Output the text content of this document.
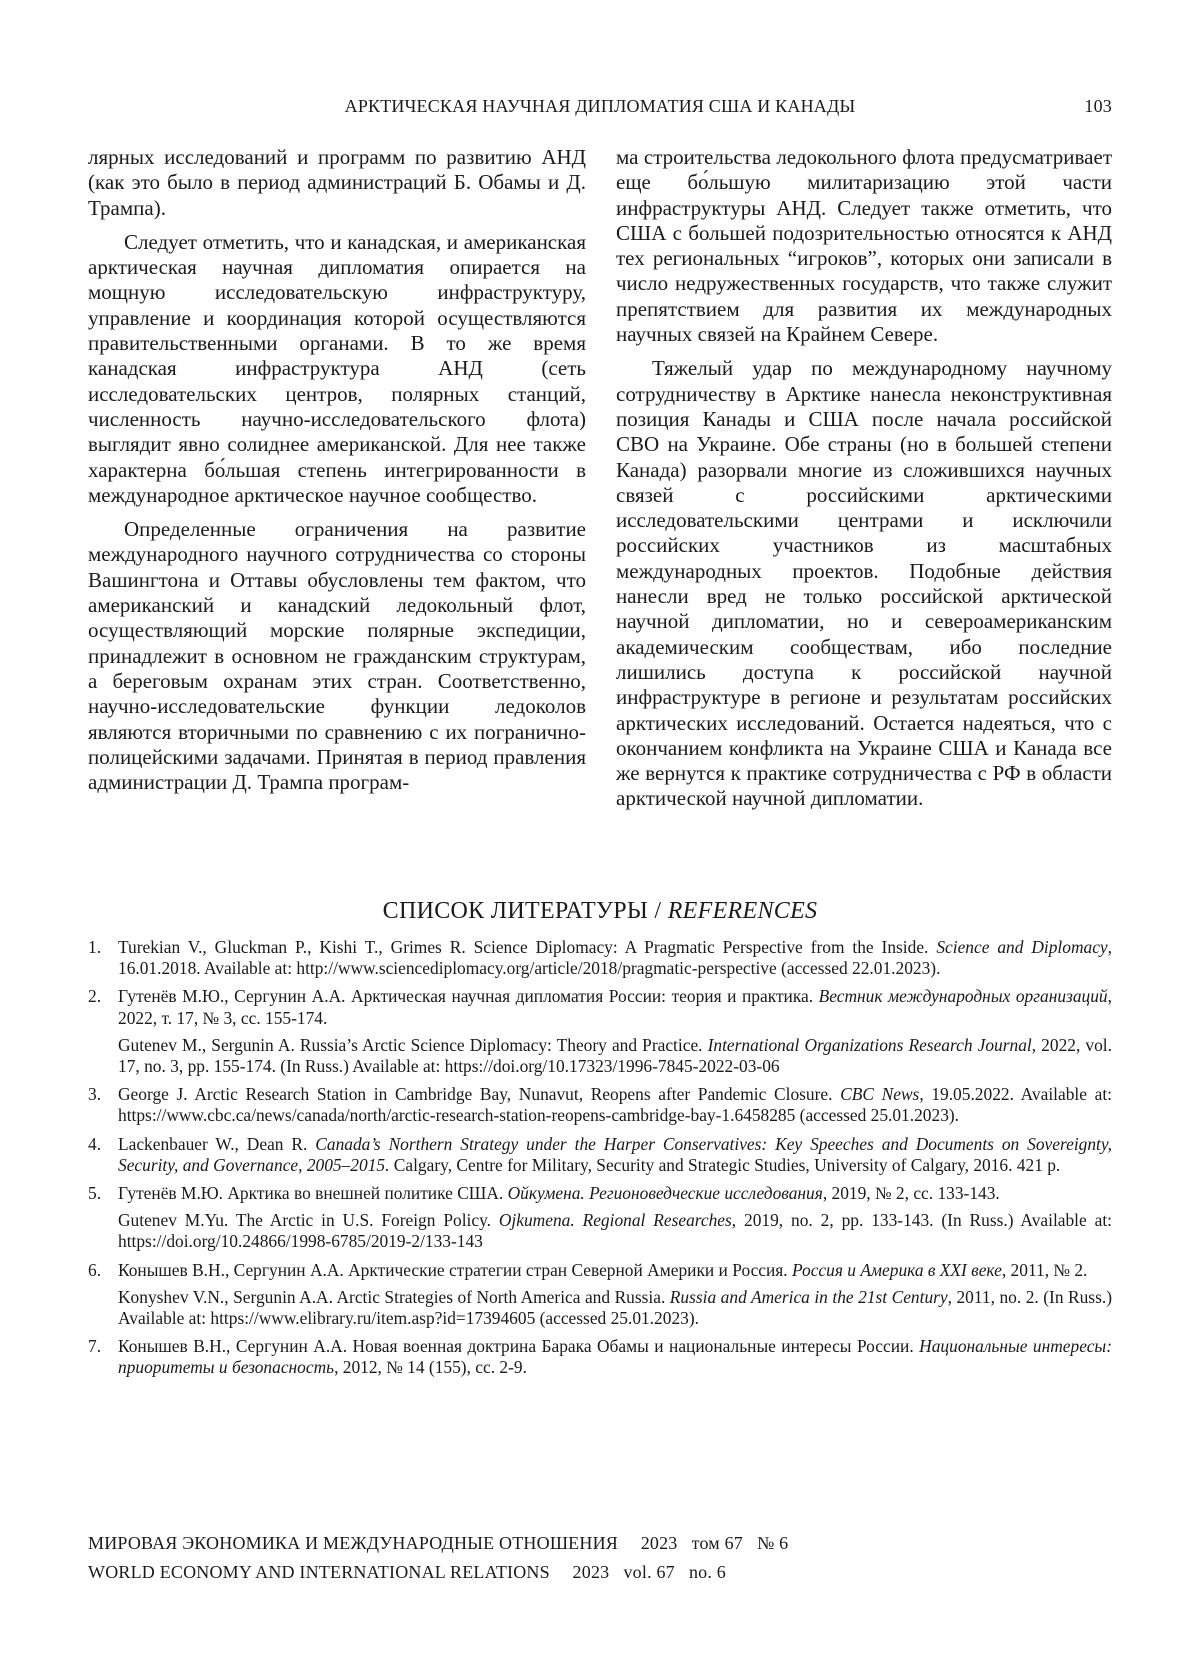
АРКТИЧЕСКАЯ НАУЧНАЯ ДИПЛОМАТИЯ США И КАНАДЫ	103

лярных исследований и программ по развитию АНД (как это было в период администраций Б. Обамы и Д. Трампа).

Следует отметить, что и канадская, и американская арктическая научная дипломатия опирается на мощную исследовательскую инфраструктуру, управление и координация которой осуществляются правительственными органами. В то же время канадская инфраструктура АНД (сеть исследовательских центров, полярных станций, численность научно-исследовательского флота) выглядит явно солиднее американской. Для нее также характерна бо́льшая степень интегрированности в международное арктическое научное сообщество.

Определенные ограничения на развитие международного научного сотрудничества со стороны Вашингтона и Оттавы обусловлены тем фактом, что американский и канадский ледокольный флот, осуществляющий морские полярные экспедиции, принадлежит в основном не гражданским структурам, а береговым охранам этих стран. Соответственно, научно-исследовательские функции ледоколов являются вторичными по сравнению с их погранично-полицейскими задачами. Принятая в период правления администрации Д. Трампа програм-

ма строительства ледокольного флота предусматривает еще бо́льшую милитаризацию этой части инфраструктуры АНД. Следует также отметить, что США с большей подозрительностью относятся к АНД тех региональных “игроков”, которых они записали в число недружественных государств, что также служит препятствием для развития их международных научных связей на Крайнем Севере.

Тяжелый удар по международному научному сотрудничеству в Арктике нанесла неконструктивная позиция Канады и США после начала российской СВО на Украине. Обе страны (но в большей степени Канада) разорвали многие из сложившихся научных связей с российскими арктическими исследовательскими центрами и исключили российских участников из масштабных международных проектов. Подобные действия нанесли вред не только российской арктической научной дипломатии, но и североамериканским академическим сообществам, ибо последние лишились доступа к российской научной инфраструктуре в регионе и результатам российских арктических исследований. Остается надеяться, что с окончанием конфликта на Украине США и Канада все же вернутся к практике сотрудничества с РФ в области арктической научной дипломатии.

СПИСОК ЛИТЕРАТУРЫ / REFERENCES
1. Turekian V., Gluckman P., Kishi T., Grimes R. Science Diplomacy: A Pragmatic Perspective from the Inside. Science and Diplomacy, 16.01.2018. Available at: http://www.sciencediplomacy.org/article/2018/pragmatic-perspective (accessed 22.01.2023).
2. Гутенёв М.Ю., Сергунин А.А. Арктическая научная дипломатия России: теория и практика. Вестник международных организаций, 2022, т. 17, № 3, сс. 155-174.
Gutenev M., Sergunin A. Russia’s Arctic Science Diplomacy: Theory and Practice. International Organizations Research Journal, 2022, vol. 17, no. 3, pp. 155-174. (In Russ.) Available at: https://doi.org/10.17323/1996-7845-2022-03-06
3. George J. Arctic Research Station in Cambridge Bay, Nunavut, Reopens after Pandemic Closure. CBC News, 19.05.2022. Available at: https://www.cbc.ca/news/canada/north/arctic-research-station-reopens-cambridge-bay-1.6458285 (accessed 25.01.2023).
4. Lackenbauer W., Dean R. Canada’s Northern Strategy under the Harper Conservatives: Key Speeches and Documents on Sovereignty, Security, and Governance, 2005–2015. Calgary, Centre for Military, Security and Strategic Studies, University of Calgary, 2016. 421 p.
5. Гутенёв М.Ю. Арктика во внешней политике США. Ойкумена. Регионоведческие исследования, 2019, № 2, сс. 133-143.
Gutenev M.Yu. The Arctic in U.S. Foreign Policy. Ojkumena. Regional Researches, 2019, no. 2, pp. 133-143. (In Russ.) Available at: https://doi.org/10.24866/1998-6785/2019-2/133-143
6. Конышев В.Н., Сергунин А.А. Арктические стратегии стран Северной Америки и Россия. Россия и Америка в XXI веке, 2011, № 2.
Konyshev V.N., Sergunin A.A. Arctic Strategies of North America and Russia. Russia and America in the 21st Century, 2011, no. 2. (In Russ.) Available at: https://www.elibrary.ru/item.asp?id=17394605 (accessed 25.01.2023).
7. Конышев В.Н., Сергунин А.А. Новая военная доктрина Барака Обамы и национальные интересы России. Национальные интересы: приоритеты и безопасность, 2012, № 14 (155), сс. 2-9.
МИРОВАЯ ЭКОНОМИКА И МЕЖДУНАРОДНЫЕ ОТНОШЕНИЯ 2023 том 67 № 6
WORLD ECONOMY AND INTERNATIONAL RELATIONS 2023 vol. 67 no. 6
